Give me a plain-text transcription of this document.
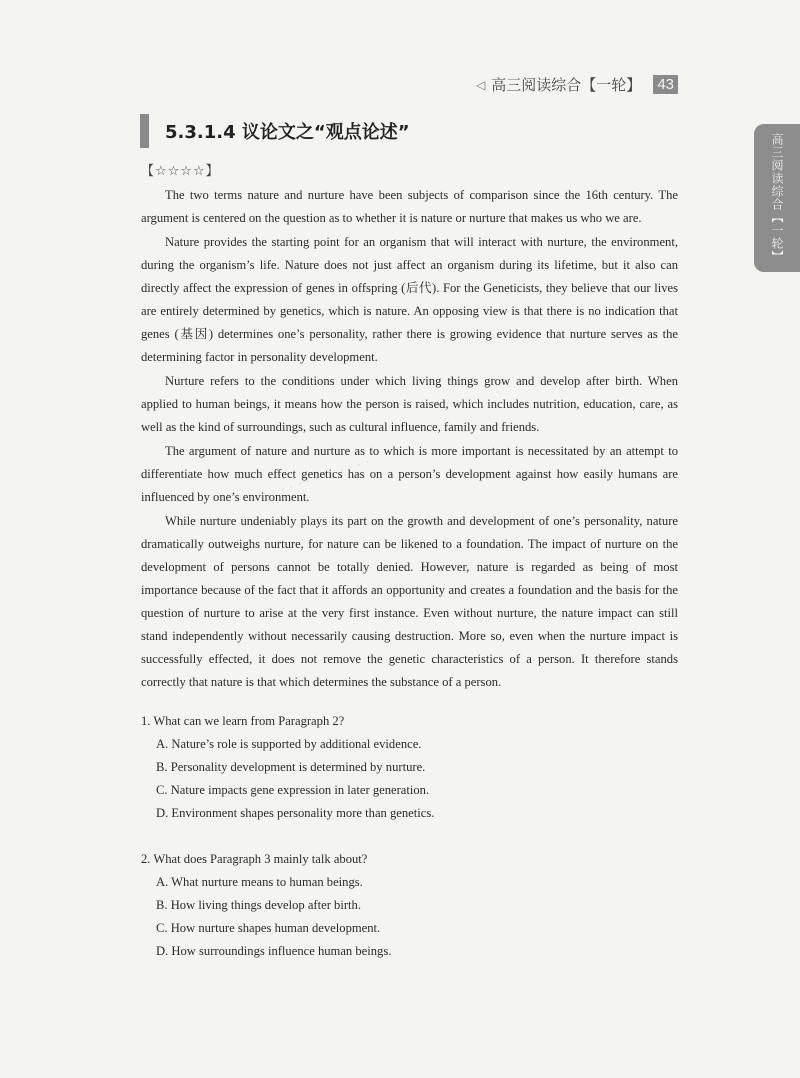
◁ 高三阅读综合【一轮】 43
高三阅读综合【一轮】
5.3.1.4 议论文之“观点论述”
【☆☆☆☆】
· · · · · · · · · · · ·

The two terms nature and nurture have been subjects of comparison since the 16th century. The argument is centered on the question as to whether it is nature or nurture that makes us who we are.

Nature provides the starting point for an organism that will interact with nurture, the environment, during the organism’s life. Nature does not just affect an organism during its lifetime, but it also can directly affect the expression of genes in offspring (后代). For the Geneticists, they believe that our lives are entirely determined by genetics, which is nature. An opposing view is that there is no indication that genes (基因) determines one’s personality, rather there is growing evidence that nurture serves as the determining factor in personality development.

Nurture refers to the conditions under which living things grow and develop after birth. When applied to human beings, it means how the person is raised, which includes nutrition, education, care, as well as the kind of surroundings, such as cultural influence, family and friends.

The argument of nature and nurture as to which is more important is necessitated by an attempt to differentiate how much effect genetics has on a person’s development against how easily humans are influenced by one’s environment.

While nurture undeniably plays its part on the growth and development of one’s personality, nature dramatically outweighs nurture, for nature can be likened to a foundation. The impact of nurture on the development of persons cannot be totally denied. However, nature is regarded as being of most importance because of the fact that it affords an opportunity and creates a foundation and the basis for the question of nurture to arise at the very first instance. Even without nurture, the nature impact can still stand independently without necessarily causing destruction. More so, even when the nurture impact is successfully effected, it does not remove the genetic characteristics of a person. It therefore stands correctly that nature is that which determines the substance of a person.

1. What can we learn from Paragraph 2?

A. Nature’s role is supported by additional evidence.

B. Personality development is determined by nurture.

C. Nature impacts gene expression in later generation.

D. Environment shapes personality more than genetics.

2. What does Paragraph 3 mainly talk about?

A. What nurture means to human beings.

B. How living things develop after birth.

C. How nurture shapes human development.

D. How surroundings influence human beings.
